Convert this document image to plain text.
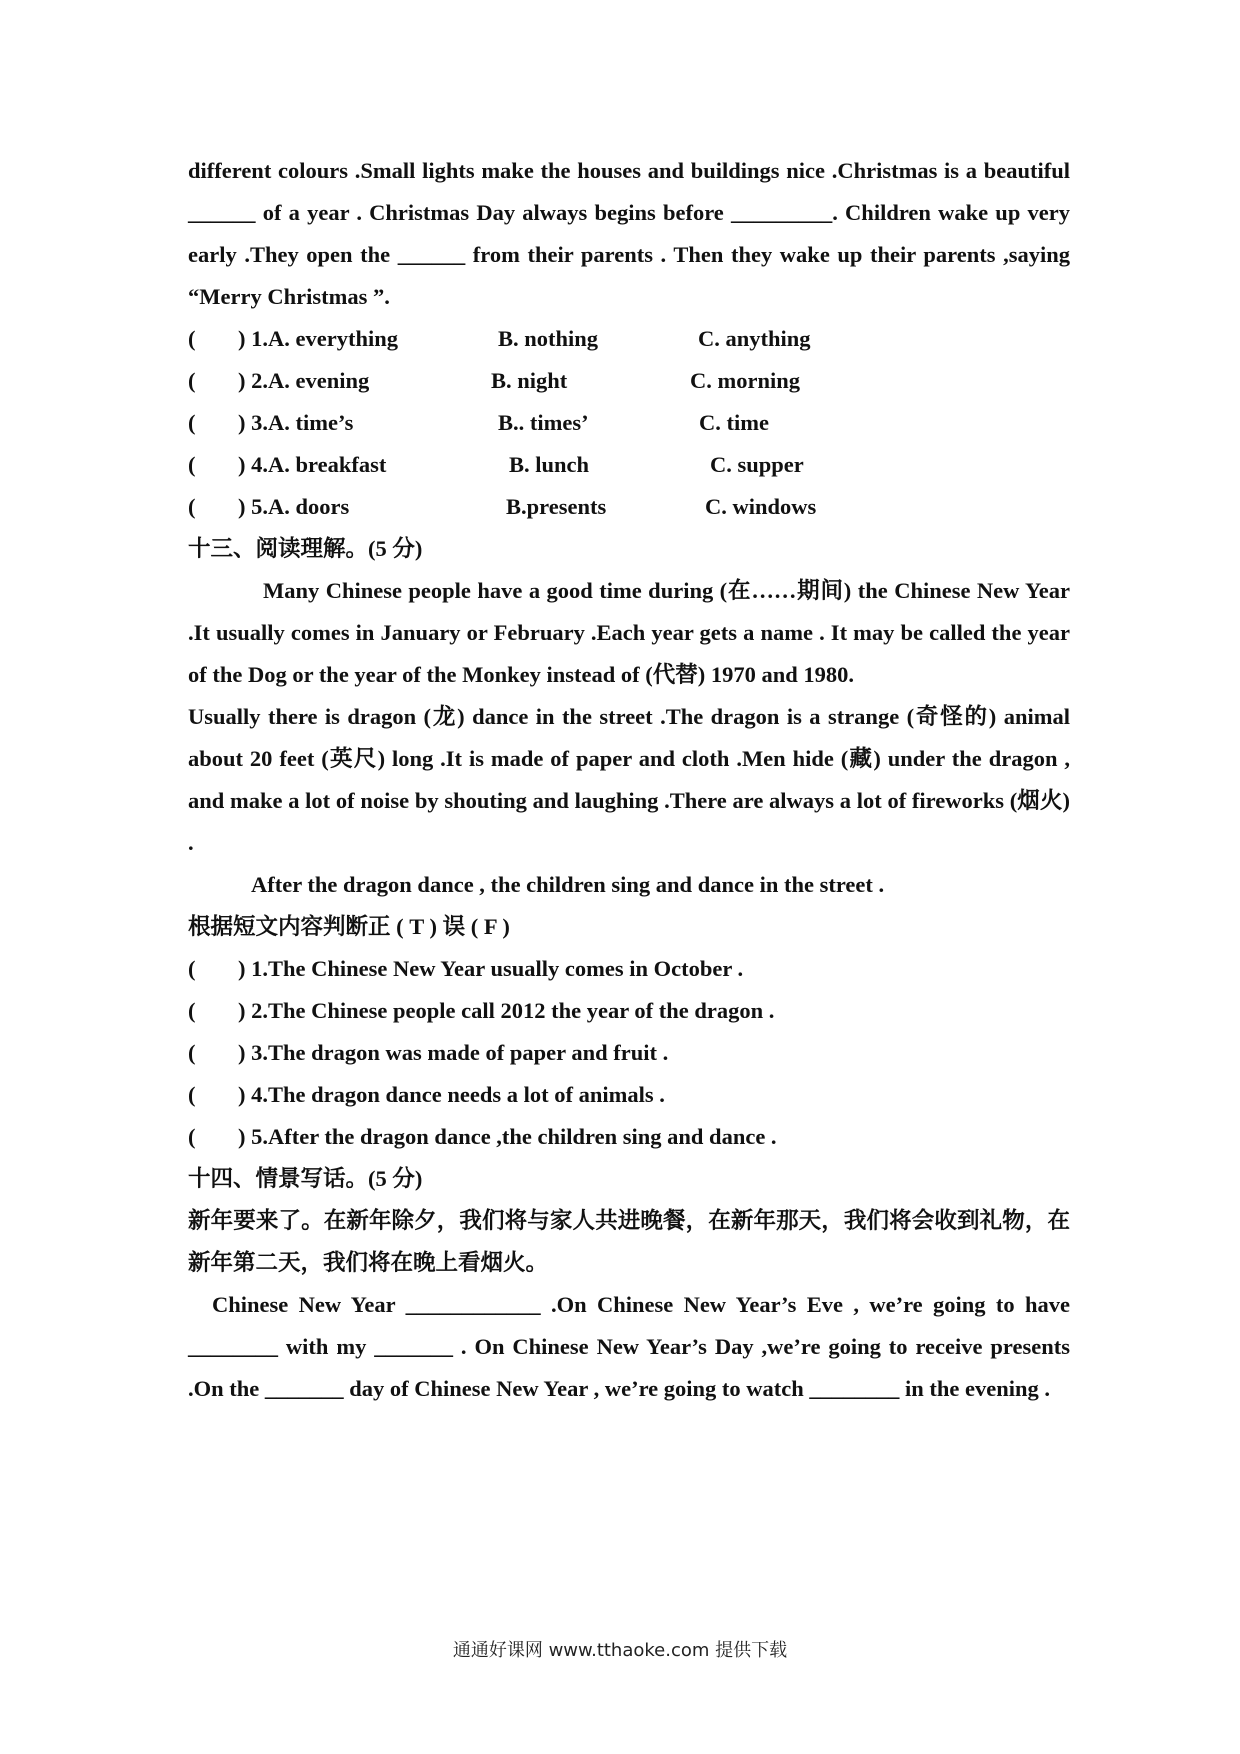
different colours .Small lights make the houses and buildings nice .Christmas is a beautiful ______ of a year . Christmas Day always begins before _________. Children wake up very early .They open the ______ from their parents . Then they wake up their parents ,saying “Merry Christmas ”.

( ) 1.A. everything	B. nothing	C. anything
( ) 2.A. evening	B. night	C. morning
( ) 3.A. time’s	B.. times’	C. time
( ) 4.A. breakfast	B. lunch	C. supper
( ) 5.A. doors	B.presents	C. windows
十三、阅读理解。(5 分)

Many Chinese people have a good time during (在……期间) the Chinese New Year .It usually comes in January or February .Each year gets a name . It may be called the year of the Dog or the year of the Monkey instead of (代替) 1970 and 1980.

Usually there is dragon (龙) dance in the street .The dragon is a strange (奇怪的) animal about 20 feet (英尺) long .It is made of paper and cloth .Men hide (藏) under the dragon , and make a lot of noise by shouting and laughing .There are always a lot of fireworks (烟火) .

After the dragon dance , the children sing and dance in the street .

根据短文内容判断正 ( T ) 误 ( F )
( ) 1.The Chinese New Year usually comes in October .
( ) 2.The Chinese people call 2012 the year of the dragon .
( ) 3.The dragon was made of paper and fruit .
( ) 4.The dragon dance needs a lot of animals .
( ) 5.After the dragon dance ,the children sing and dance .
十四、情景写话。(5 分)

新年要来了。在新年除夕，我们将与家人共进晚餐，在新年那天，我们将会收到礼物，在新年第二天，我们将在晚上看烟火。

Chinese New Year ____________ .On Chinese New Year’s Eve , we’re going to have ________ with my _______ . On Chinese New Year’s Day ,we’re going to receive presents .On the _______ day of Chinese New Year , we’re going to watch ________ in the evening .

通通好课网 www.tthaoke.com 提供下载
